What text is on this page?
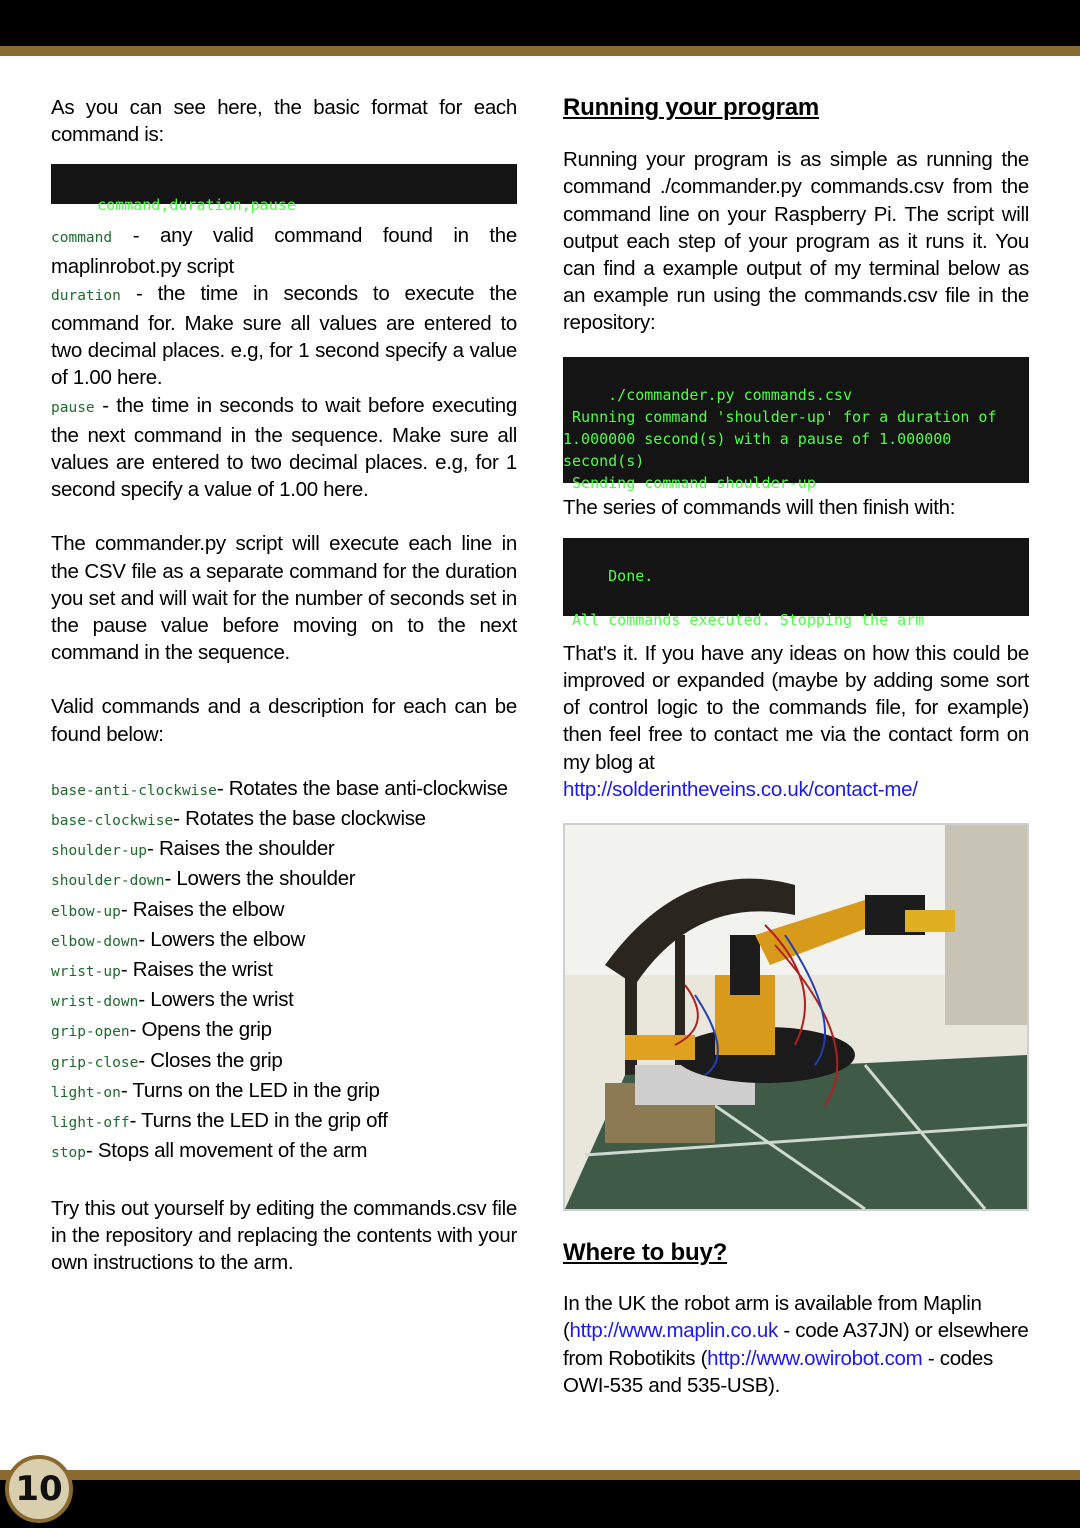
As you can see here, the basic format for each command is:

command,duration,pause

command - any valid command found in the maplinrobot.py script

duration - the time in seconds to execute the command for. Make sure all values are entered to two decimal places. e.g, for 1 second specify a value of 1.00 here.

pause - the time in seconds to wait before executing the next command in the sequence. Make sure all values are entered to two decimal places. e.g, for 1 second specify a value of 1.00 here.

The commander.py script will execute each line in the CSV file as a separate command for the duration you set and will wait for the number of seconds set in the pause value before moving on to the next command in the sequence.

Valid commands and a description for each can be found below:

base-anti-clockwise- Rotates the base anti-clockwise
base-clockwise- Rotates the base clockwise
shoulder-up- Raises the shoulder
shoulder-down- Lowers the shoulder
elbow-up- Raises the elbow
elbow-down- Lowers the elbow
wrist-up- Raises the wrist
wrist-down- Lowers the wrist
grip-open- Opens the grip
grip-close- Closes the grip
light-on- Turns on the LED in the grip
light-off- Turns the LED in the grip off
stop- Stops all movement of the arm

Try this out yourself by editing the commands.csv file in the repository and replacing the contents with your own instructions to the arm.

Running your program

Running your program is as simple as running the command ./commander.py commands.csv from the command line on your Raspberry Pi. The script will output each step of your program as it runs it. You can find a example output of my terminal below as an example run using the commands.csv file in the repository:

./commander.py commands.csv
Running command 'shoulder-up' for a duration of 1.000000 second(s) with a pause of 1.000000 second(s)
Sending command shoulder-up

The series of commands will then finish with:

Done.

All commands executed. Stopping the arm

That's it. If you have any ideas on how this could be improved or expanded (maybe by adding some sort of control logic to the commands file, for example) then feel free to contact me via the contact form on my blog at
http://solderintheveins.co.uk/contact-me/

Where to buy?

In the UK the robot arm is available from Maplin (http://www.maplin.co.uk - code A37JN) or elsewhere from Robotikits (http://www.owirobot.com - codes OWI-535 and 535-USB).

10
